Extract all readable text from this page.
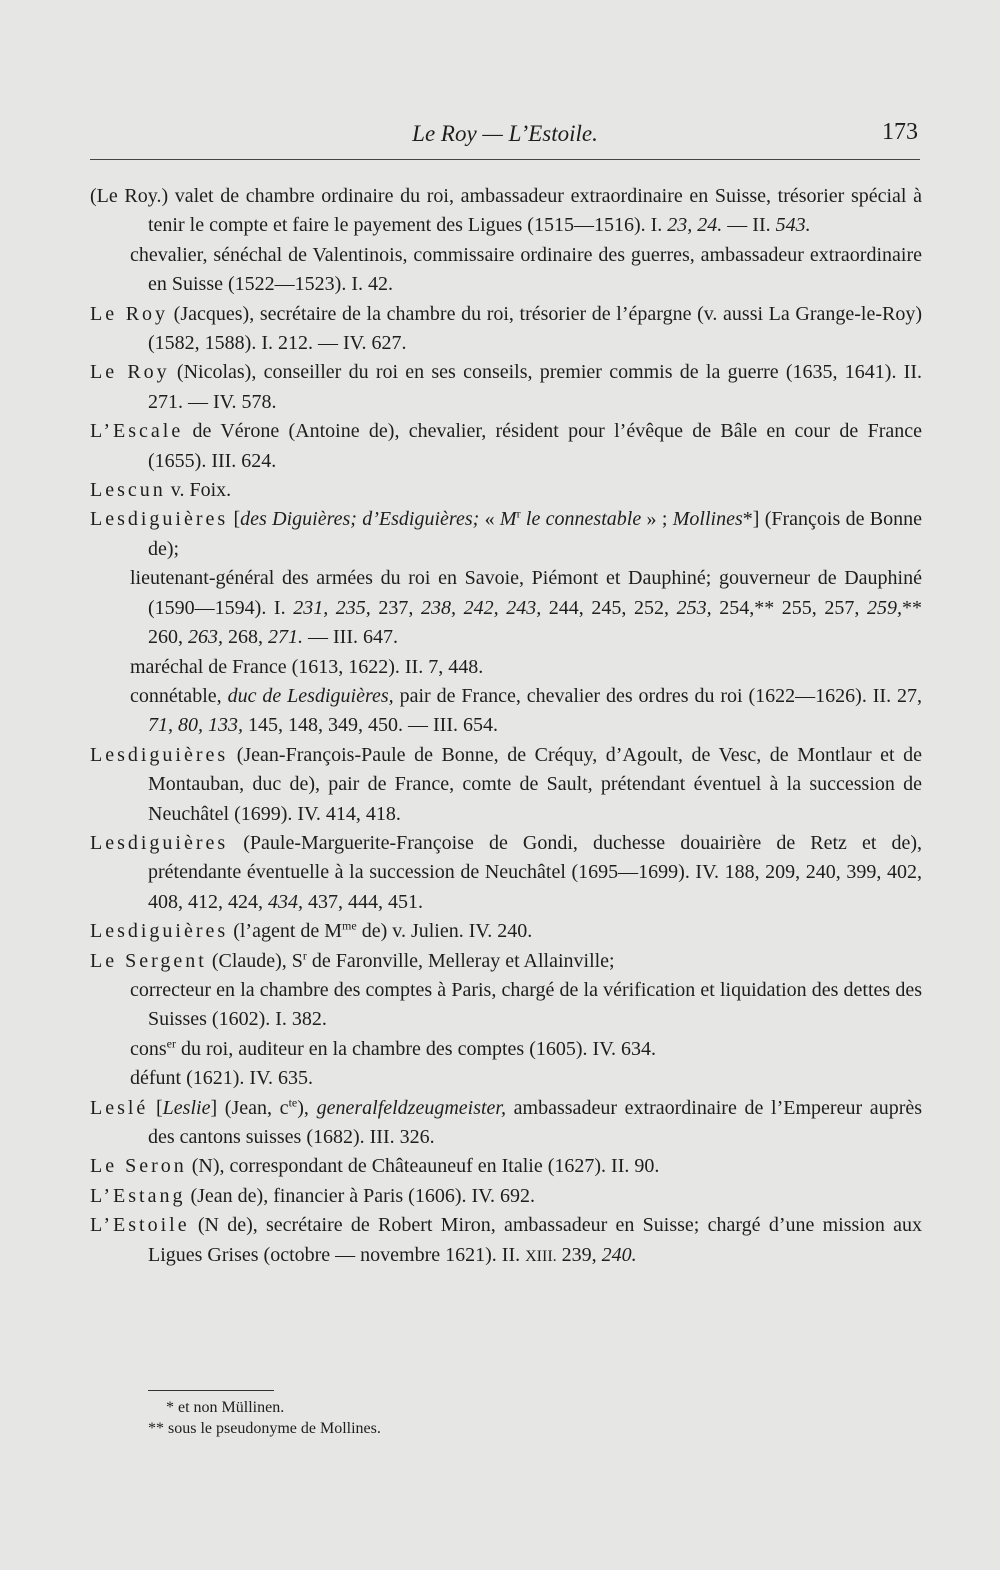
Le Roy — L’Estoile.	173

(Le Roy.) valet de chambre ordinaire du roi, ambassadeur extraordinaire en Suisse, trésorier spécial à tenir le compte et faire le payement des Ligues (1515—1516). I. 23, 24. — II. 543.

chevalier, sénéchal de Valentinois, commissaire ordinaire des guerres, ambassadeur extraordinaire en Suisse (1522—1523). I. 42.

Le Roy (Jacques), secrétaire de la chambre du roi, trésorier de l’épargne (v. aussi La Grange-le-Roy) (1582, 1588). I. 212. — IV. 627.

Le Roy (Nicolas), conseiller du roi en ses conseils, premier commis de la guerre (1635, 1641). II. 271. — IV. 578.

L’Escale de Vérone (Antoine de), chevalier, résident pour l’évêque de Bâle en cour de France (1655). III. 624.

Lescun v. Foix.

Lesdiguières [des Diguières; d’Esdiguières; « $M^r$ le connestable » ; Mollines*] (François de Bonne de);

lieutenant-général des armées du roi en Savoie, Piémont et Dauphiné; gouverneur de Dauphiné (1590—1594). I. 231, 235, 237, 238, 242, 243, 244, 245, 252, 253, 254,** 255, 257, 259,** 260, 263, 268, 271. — III. 647.

maréchal de France (1613, 1622). II. 7, 448.

connétable, duc de Lesdiguières, pair de France, chevalier des ordres du roi (1622—1626). II. 27, 71, 80, 133, 145, 148, 349, 450. — III. 654.

Lesdiguières (Jean-François-Paule de Bonne, de Créquy, d’Agoult, de Vesc, de Montlaur et de Montauban, duc de), pair de France, comte de Sault, prétendant éventuel à la succession de Neuchâtel (1699). IV. 414, 418.

Lesdiguières (Paule-Marguerite-Françoise de Gondi, duchesse douairière de Retz et de), prétendante éventuelle à la succession de Neuchâtel (1695—1699). IV. 188, 209, 240, 399, 402, 408, 412, 424, 434, 437, 444, 451.

Lesdiguières (l’agent de $M^{me}$ de) v. Julien. IV. 240.

Le Sergent (Claude), $S^r$ de Faronville, Melleray et Allainville;

correcteur en la chambre des comptes à Paris, chargé de la vérification et liquidation des dettes des Suisses (1602). I. 382.

cons$^{er}$ du roi, auditeur en la chambre des comptes (1605). IV. 634.

défunt (1621). IV. 635.

Leslé [Leslie] (Jean, $c^{te}$), generalfeldzeugmeister, ambassadeur extraordinaire de l’Empereur auprès des cantons suisses (1682). III. 326.

Le Seron (N), correspondant de Châteauneuf en Italie (1627). II. 90.

L’Estang (Jean de), financier à Paris (1606). IV. 692.

L’Estoile (N de), secrétaire de Robert Miron, ambassadeur en Suisse; chargé d’une mission aux Ligues Grises (octobre — novembre 1621). II. XIII. 239, 240.

* et non Müllinen.

** sous le pseudonyme de Mollines.
